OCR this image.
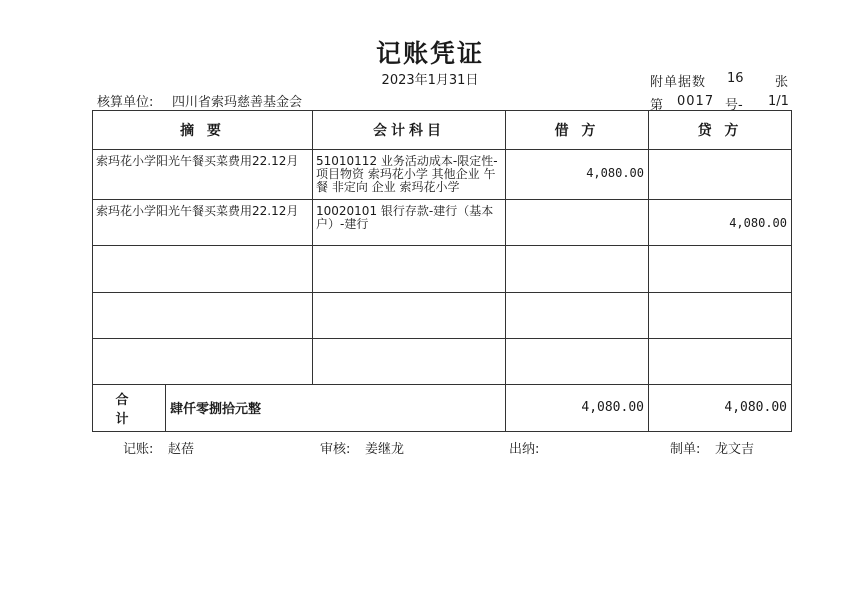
记账凭证
2023年1月31日	附单据数 16 张
核算单位: 四川省索玛慈善基金会	第 0017 号- 1/1
摘 要	会计科目	借 方	贷 方

索玛花小学阳光午餐买菜费用22.12月	51010112 业务活动成本-限定性-项目物资 索玛花小学 其他企业 午餐 非定向 企业 索玛花小学	4,080.00	

索玛花小学阳光午餐买菜费用22.12月	10020101 银行存款-建行（基本户）-建行		4,080.00

合 计
肆仟零捌拾元整		4,080.00	4,080.00
记账: 赵蓓	审核: 姜继龙	出纳:	制单: 龙文吉
